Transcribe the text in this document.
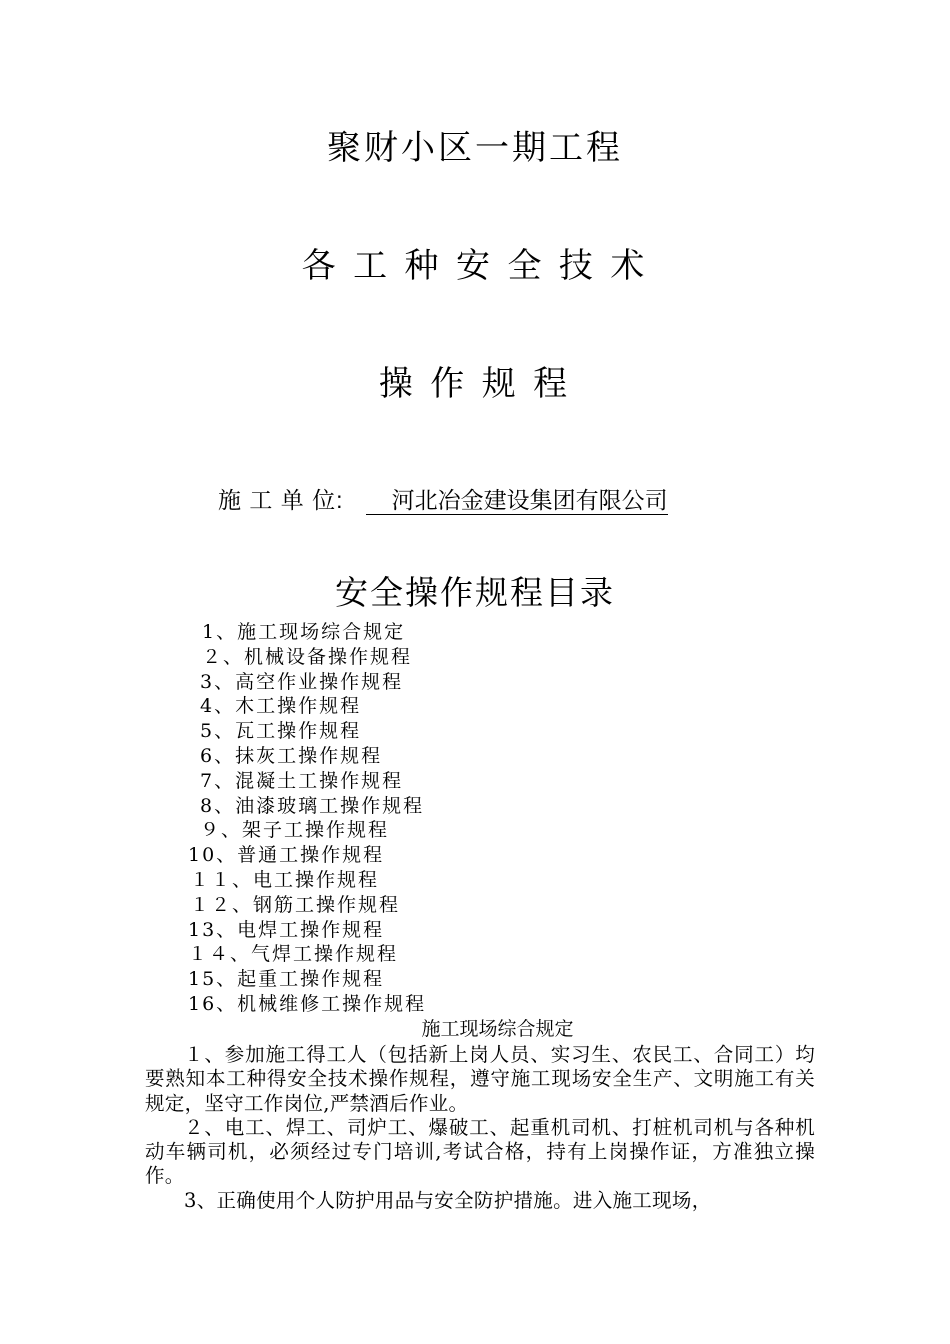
聚财小区一期工程
各 工 种 安 全 技 术
操 作 规 程
施 工 单 位: 河北冶金建设集团有限公司
安全操作规程目录
1、施工现场综合规定
２、机械设备操作规程
3、高空作业操作规程
4、木工操作规程
5、瓦工操作规程
6、抹灰工操作规程
7、混凝土工操作规程
8、油漆玻璃工操作规程
９、架子工操作规程
10、普通工操作规程
１１、电工操作规程
１２、钢筋工操作规程
13、电焊工操作规程
１４、气焊工操作规程
15、起重工操作规程
16、机械维修工操作规程
施工现场综合规定

１、参加施工得工人（包括新上岗人员、实习生、农民工、合同工）均要熟知本工种得安全技术操作规程，遵守施工现场安全生产、文明施工有关规定，坚守工作岗位,严禁酒后作业。

２、电工、焊工、司炉工、爆破工、起重机司机、打桩机司机与各种机动车辆司机，必须经过专门培训,考试合格，持有上岗操作证，方准独立操作。

3、正确使用个人防护用品与安全防护措施。进入施工现场，
